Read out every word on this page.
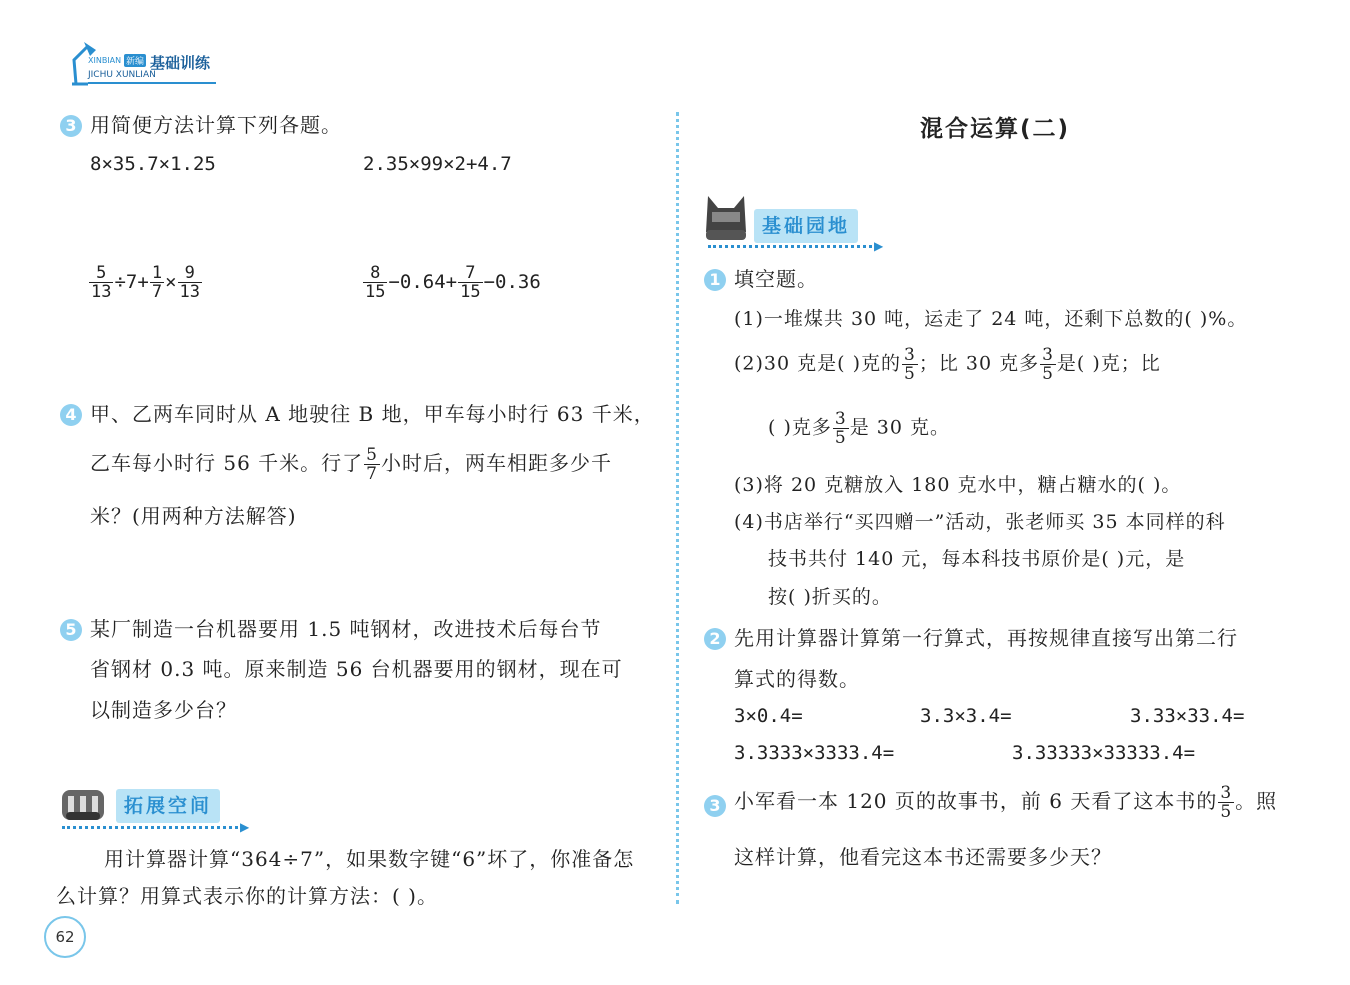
XINBIAN 新编 基础训练
JICHU XUNLIAN
3 用简便方法计算下列各题。
8×35.7×1.25	2.35×99×2+4.7
$\frac{5}{13} \div 7+ \frac{1}{7} \times \frac{9}{13}$	$\frac{8}{15} -0.64+ \frac{7}{15} -0.36$
4 甲、乙两车同时从 A 地驶往 B 地，甲车每小时行 63 千米，
乙车每小时行 56 千米。行了 $\frac{5}{7}$ 小时后，两车相距多少千
米？(用两种方法解答)
5 某厂制造一台机器要用 1.5 吨钢材，改进技术后每台节
省钢材 0.3 吨。原来制造 56 台机器要用的钢材，现在可
以制造多少台？
拓展空间
▶
用计算器计算“364÷7”，如果数字键“6”坏了，你准备怎
么计算？用算式表示你的计算方法：( )。
62
混合运算(二)
基础园地
▶
1 填空题。
(1)一堆煤共 30 吨，运走了 24 吨，还剩下总数的( )%。
(2)30 克是( )克的 $\frac{3}{5}$ ；比 30 克多 $\frac{3}{5}$ 是( )克；比
( )克多 $\frac{3}{5}$ 是 30 克。
(3)将 20 克糖放入 180 克水中，糖占糖水的( )。
(4)书店举行“买四赠一”活动，张老师买 35 本同样的科
技书共付 140 元，每本科技书原价是( )元，是
按( )折买的。
2 先用计算器计算第一行算式，再按规律直接写出第二行
算式的得数。
3×0.4=	3.3×3.4=	3.33×33.4=
3.3333×3333.4=	3.33333×33333.4=
3 小军看一本 120 页的故事书，前 6 天看了这本书的 $\frac{3}{5}$ 。照
这样计算，他看完这本书还需要多少天？
